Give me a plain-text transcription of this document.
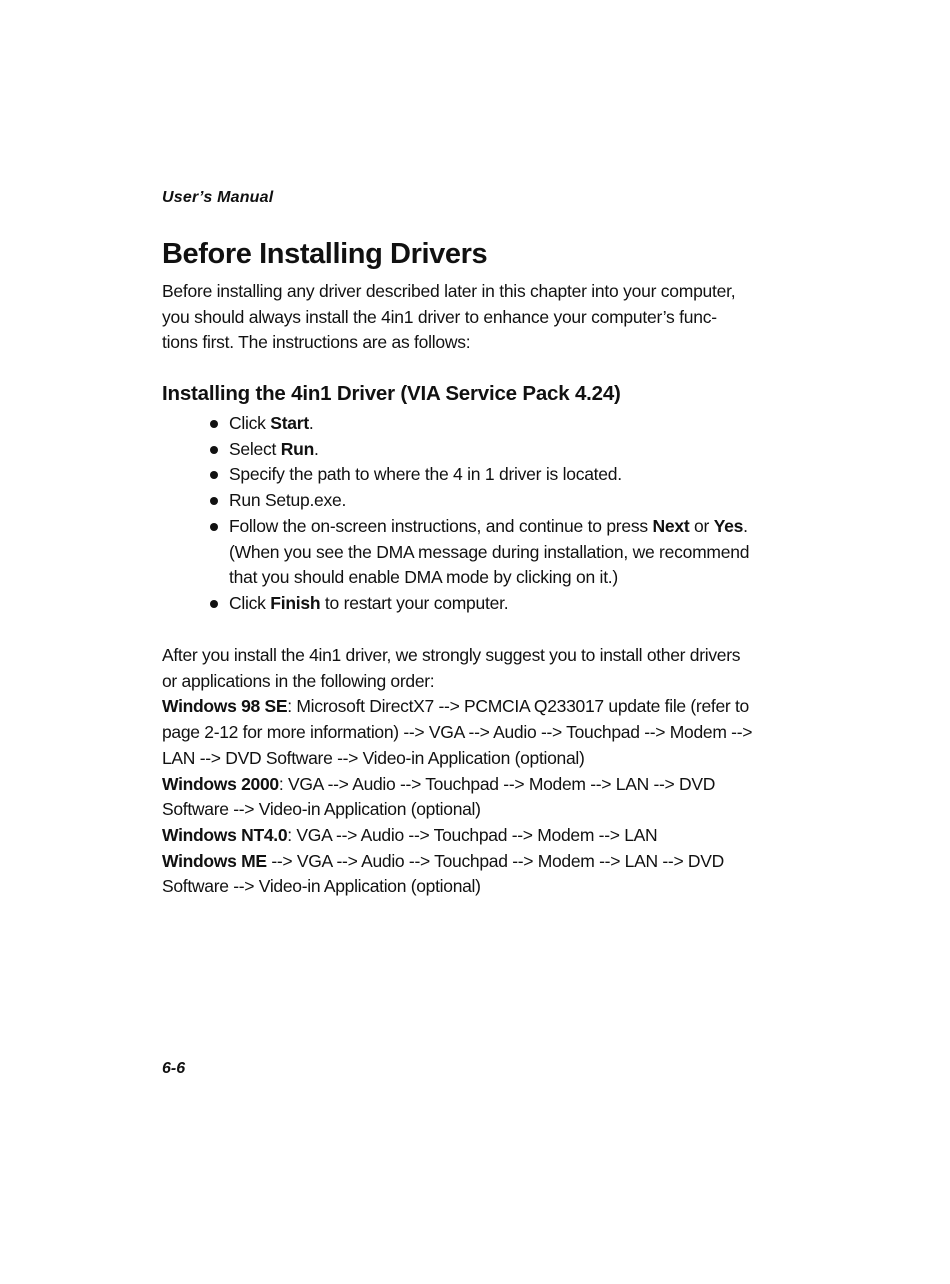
User’s Manual
Before Installing Drivers

Before installing any driver described later in this chapter into your computer,
you should always install the 4in1 driver to enhance your computer’s func-
tions first. The instructions are as follows:

Installing the 4in1 Driver (VIA Service Pack 4.24)
Click Start.
Select Run.
Specify the path to where the 4 in 1 driver is located.
Run Setup.exe.
Follow the on-screen instructions, and continue to press Next or Yes.
(When you see the DMA message during installation, we recommend
that you should enable DMA mode by clicking on it.)
Click Finish to restart your computer.
After you install the 4in1 driver, we strongly suggest you to install other drivers
or applications in the following order:
Windows 98 SE: Microsoft DirectX7 --> PCMCIA Q233017 update file (refer to
page 2-12 for more information) --> VGA --> Audio --> Touchpad --> Modem -->
LAN --> DVD Software --> Video-in Application (optional)
Windows 2000: VGA --> Audio --> Touchpad --> Modem --> LAN --> DVD
Software --> Video-in Application (optional)
Windows NT4.0: VGA --> Audio --> Touchpad --> Modem --> LAN
Windows ME --> VGA --> Audio --> Touchpad --> Modem --> LAN --> DVD
Software --> Video-in Application (optional)
6-6
